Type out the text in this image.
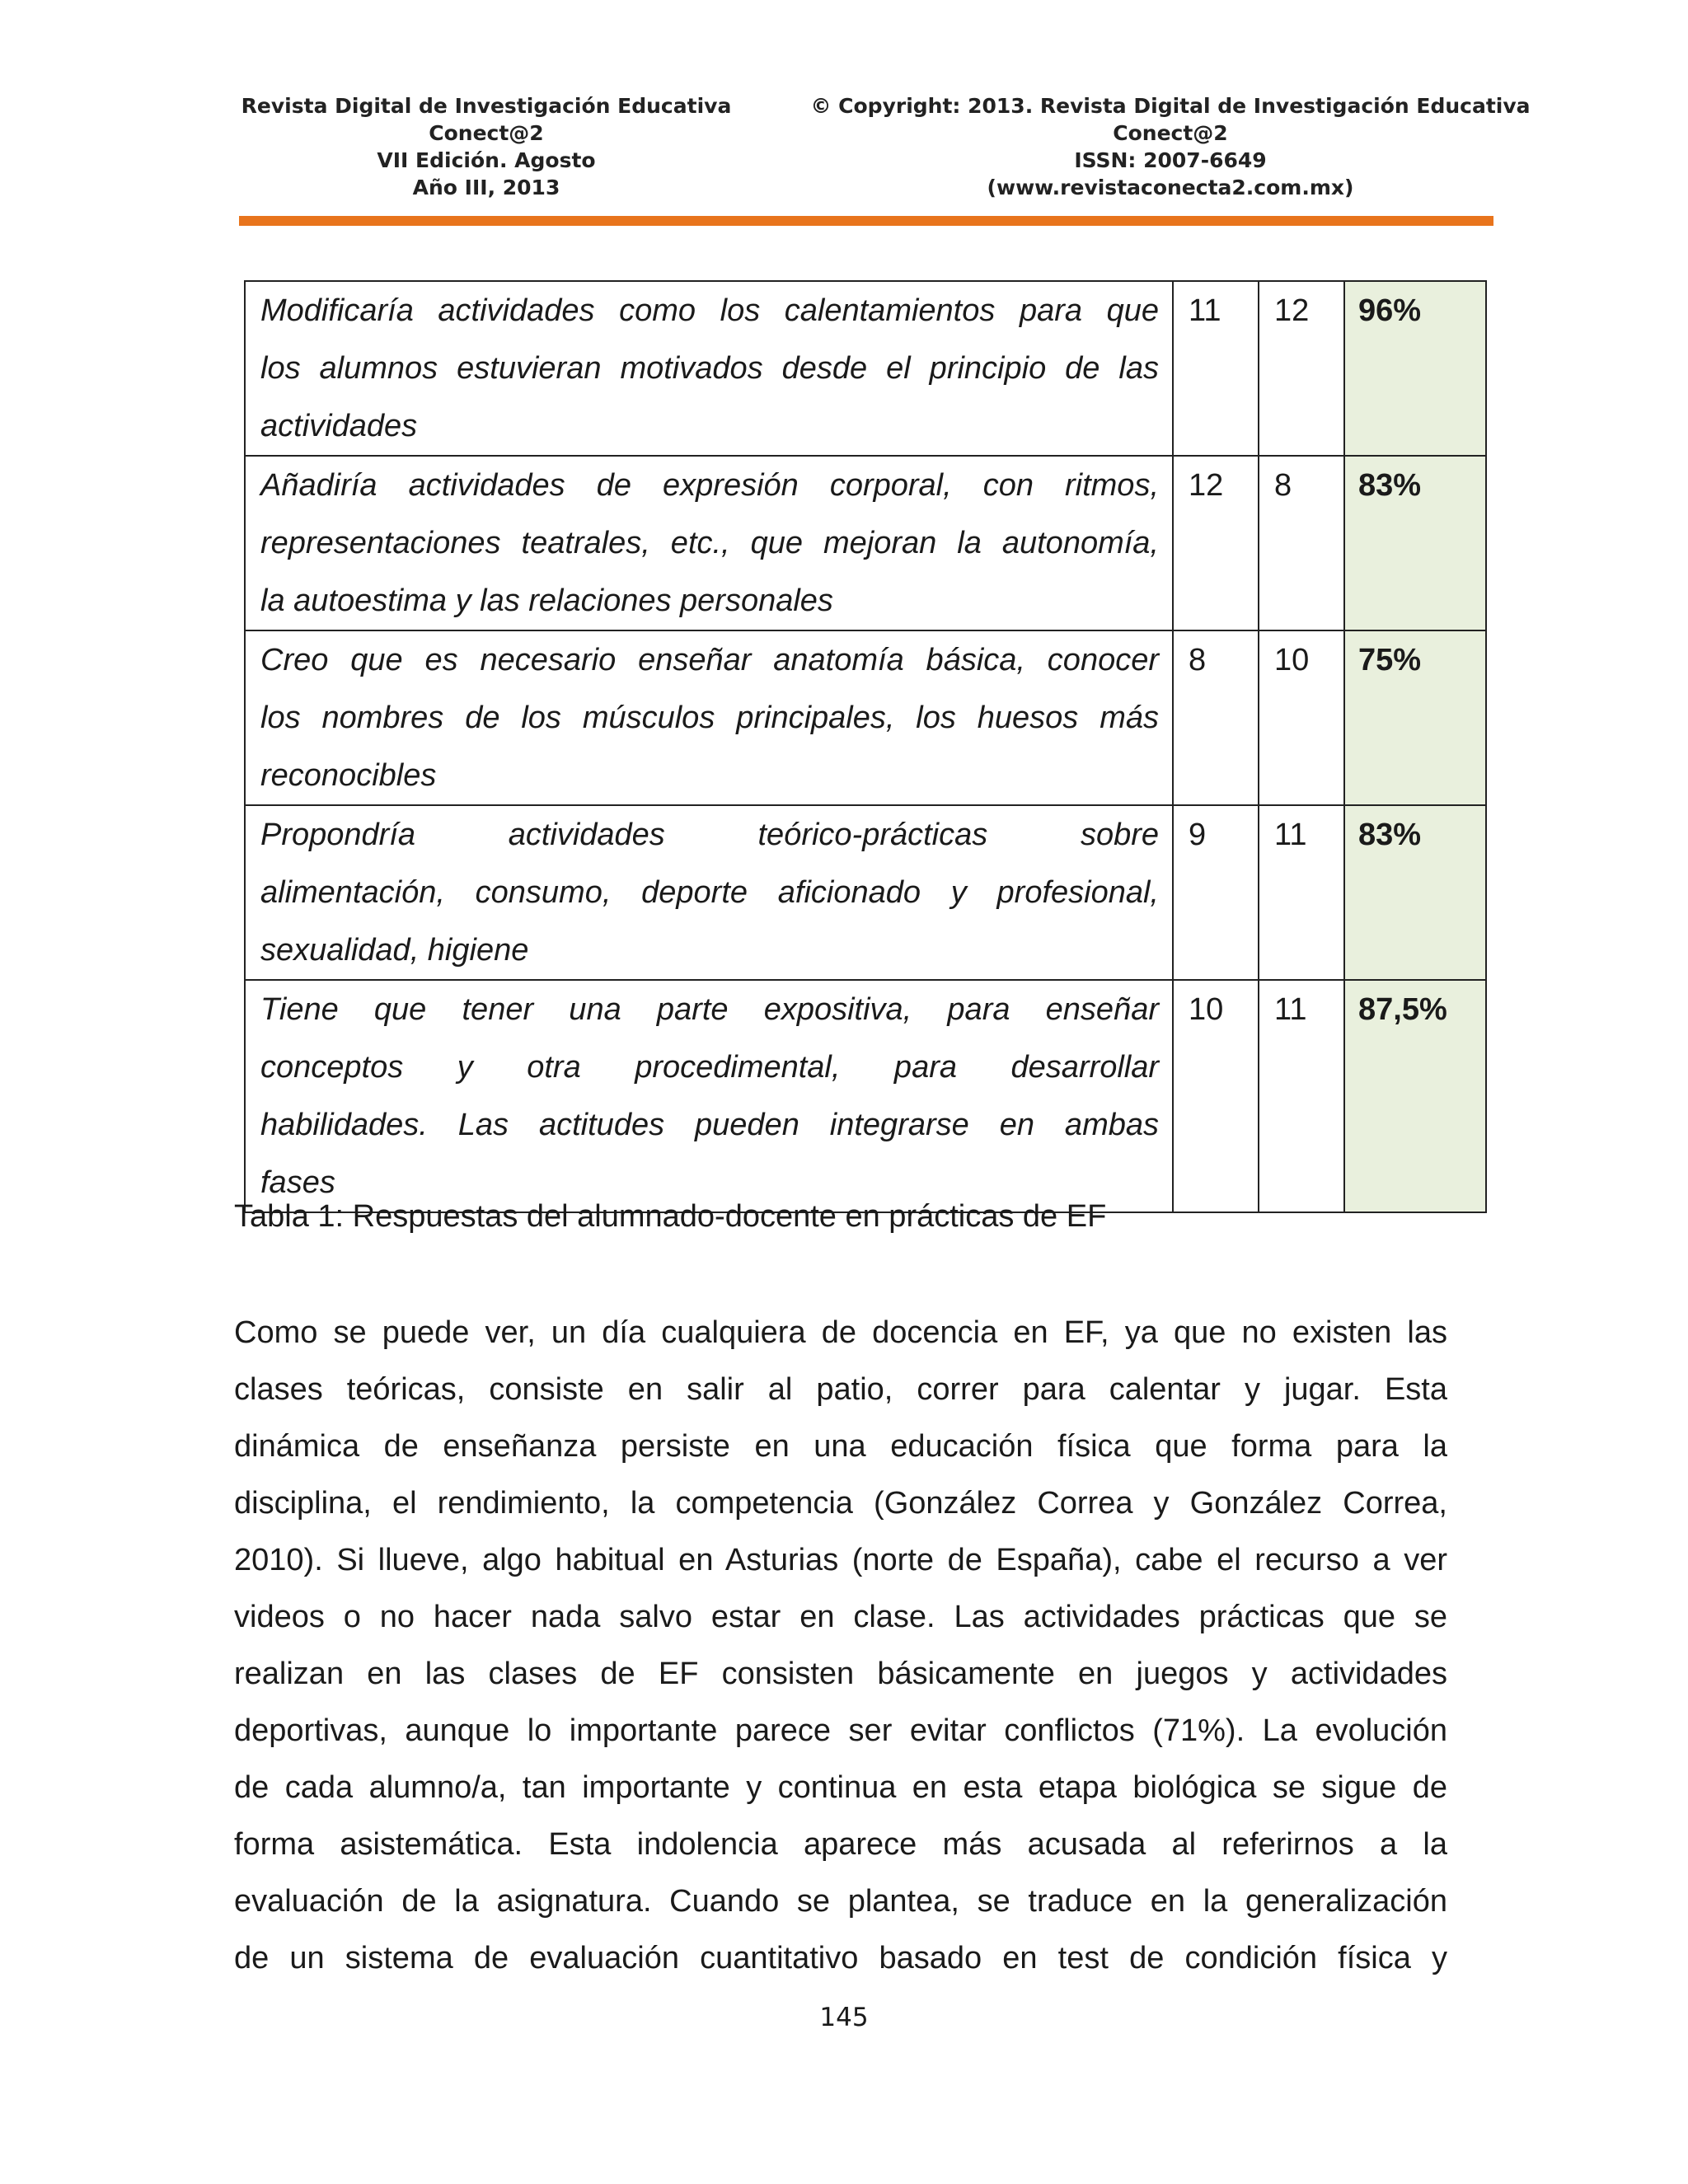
Revista Digital de Investigación Educativa
Conect@2
VII Edición. Agosto
Año III, 2013
© Copyright: 2013. Revista Digital de Investigación Educativa
Conect@2
ISSN: 2007-6649
(www.revistaconecta2.com.mx)
Modificaría actividades como los calentamientos para que
los alumnos estuvieran motivados desde el principio de las
actividades	11	12	96%

Añadiría actividades de expresión corporal, con ritmos,
representaciones teatrales, etc., que mejoran la autonomía,
la autoestima y las relaciones personales	12	8	83%

Creo que es necesario enseñar anatomía básica, conocer
los nombres de los músculos principales, los huesos más
reconocibles	8	10	75%

Propondría actividades teórico-prácticas sobre
alimentación, consumo, deporte aficionado y profesional,
sexualidad, higiene	9	11	83%

Tiene que tener una parte expositiva, para enseñar
conceptos y otra procedimental, para desarrollar
habilidades. Las actitudes pueden integrarse en ambas
fases	10	11	87,5%
Tabla 1: Respuestas del alumnado-docente en prácticas de EF
Como se puede ver, un día cualquiera de docencia en EF, ya que no existen las
clases teóricas, consiste en salir al patio, correr para calentar y jugar. Esta
dinámica de enseñanza persiste en una educación física que forma para la
disciplina, el rendimiento, la competencia (González Correa y González Correa,
2010). Si llueve, algo habitual en Asturias (norte de España), cabe el recurso a ver
videos o no hacer nada salvo estar en clase. Las actividades prácticas que se
realizan en las clases de EF consisten básicamente en juegos y actividades
deportivas, aunque lo importante parece ser evitar conflictos (71%). La evolución
de cada alumno/a, tan importante y continua en esta etapa biológica se sigue de
forma asistemática. Esta indolencia aparece más acusada al referirnos a la
evaluación de la asignatura. Cuando se plantea, se traduce en la generalización
de un sistema de evaluación cuantitativo basado en test de condición física y
145
